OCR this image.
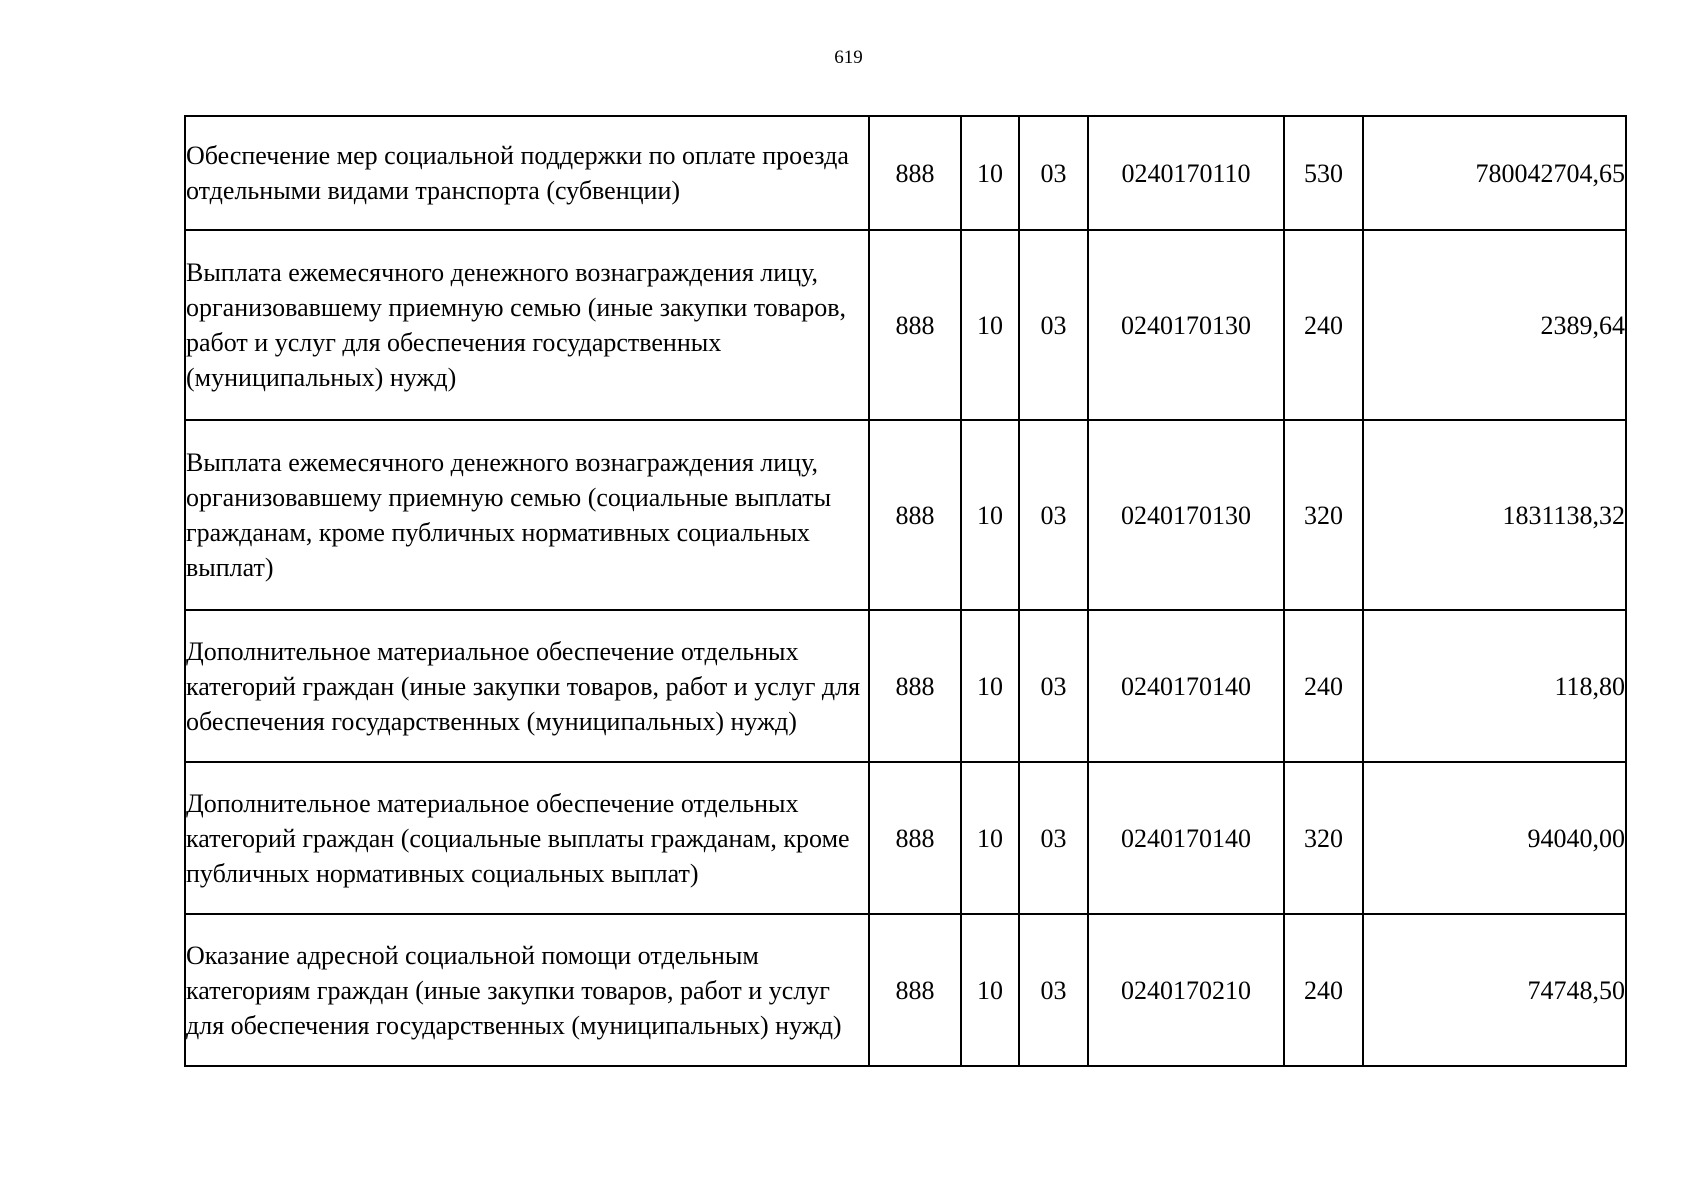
619
Обеспечение мер социальной поддержки по оплате проезда отдельными видами транспорта (субвенции)	888	10	03	0240170110	530	780042704,65
Выплата ежемесячного денежного вознаграждения лицу, организовавшему приемную семью (иные закупки товаров, работ и услуг для обеспечения государственных (муниципальных) нужд)	888	10	03	0240170130	240	2389,64
Выплата ежемесячного денежного вознаграждения лицу, организовавшему приемную семью (социальные выплаты гражданам, кроме публичных нормативных социальных выплат)	888	10	03	0240170130	320	1831138,32
Дополнительное материальное обеспечение отдельных категорий граждан (иные закупки товаров, работ и услуг для обеспечения государственных (муниципальных) нужд)	888	10	03	0240170140	240	118,80
Дополнительное материальное обеспечение отдельных категорий граждан (социальные выплаты гражданам, кроме публичных нормативных социальных выплат)	888	10	03	0240170140	320	94040,00
Оказание адресной социальной помощи отдельным категориям граждан (иные закупки товаров, работ и услуг для обеспечения государственных (муниципальных) нужд)	888	10	03	0240170210	240	74748,50
